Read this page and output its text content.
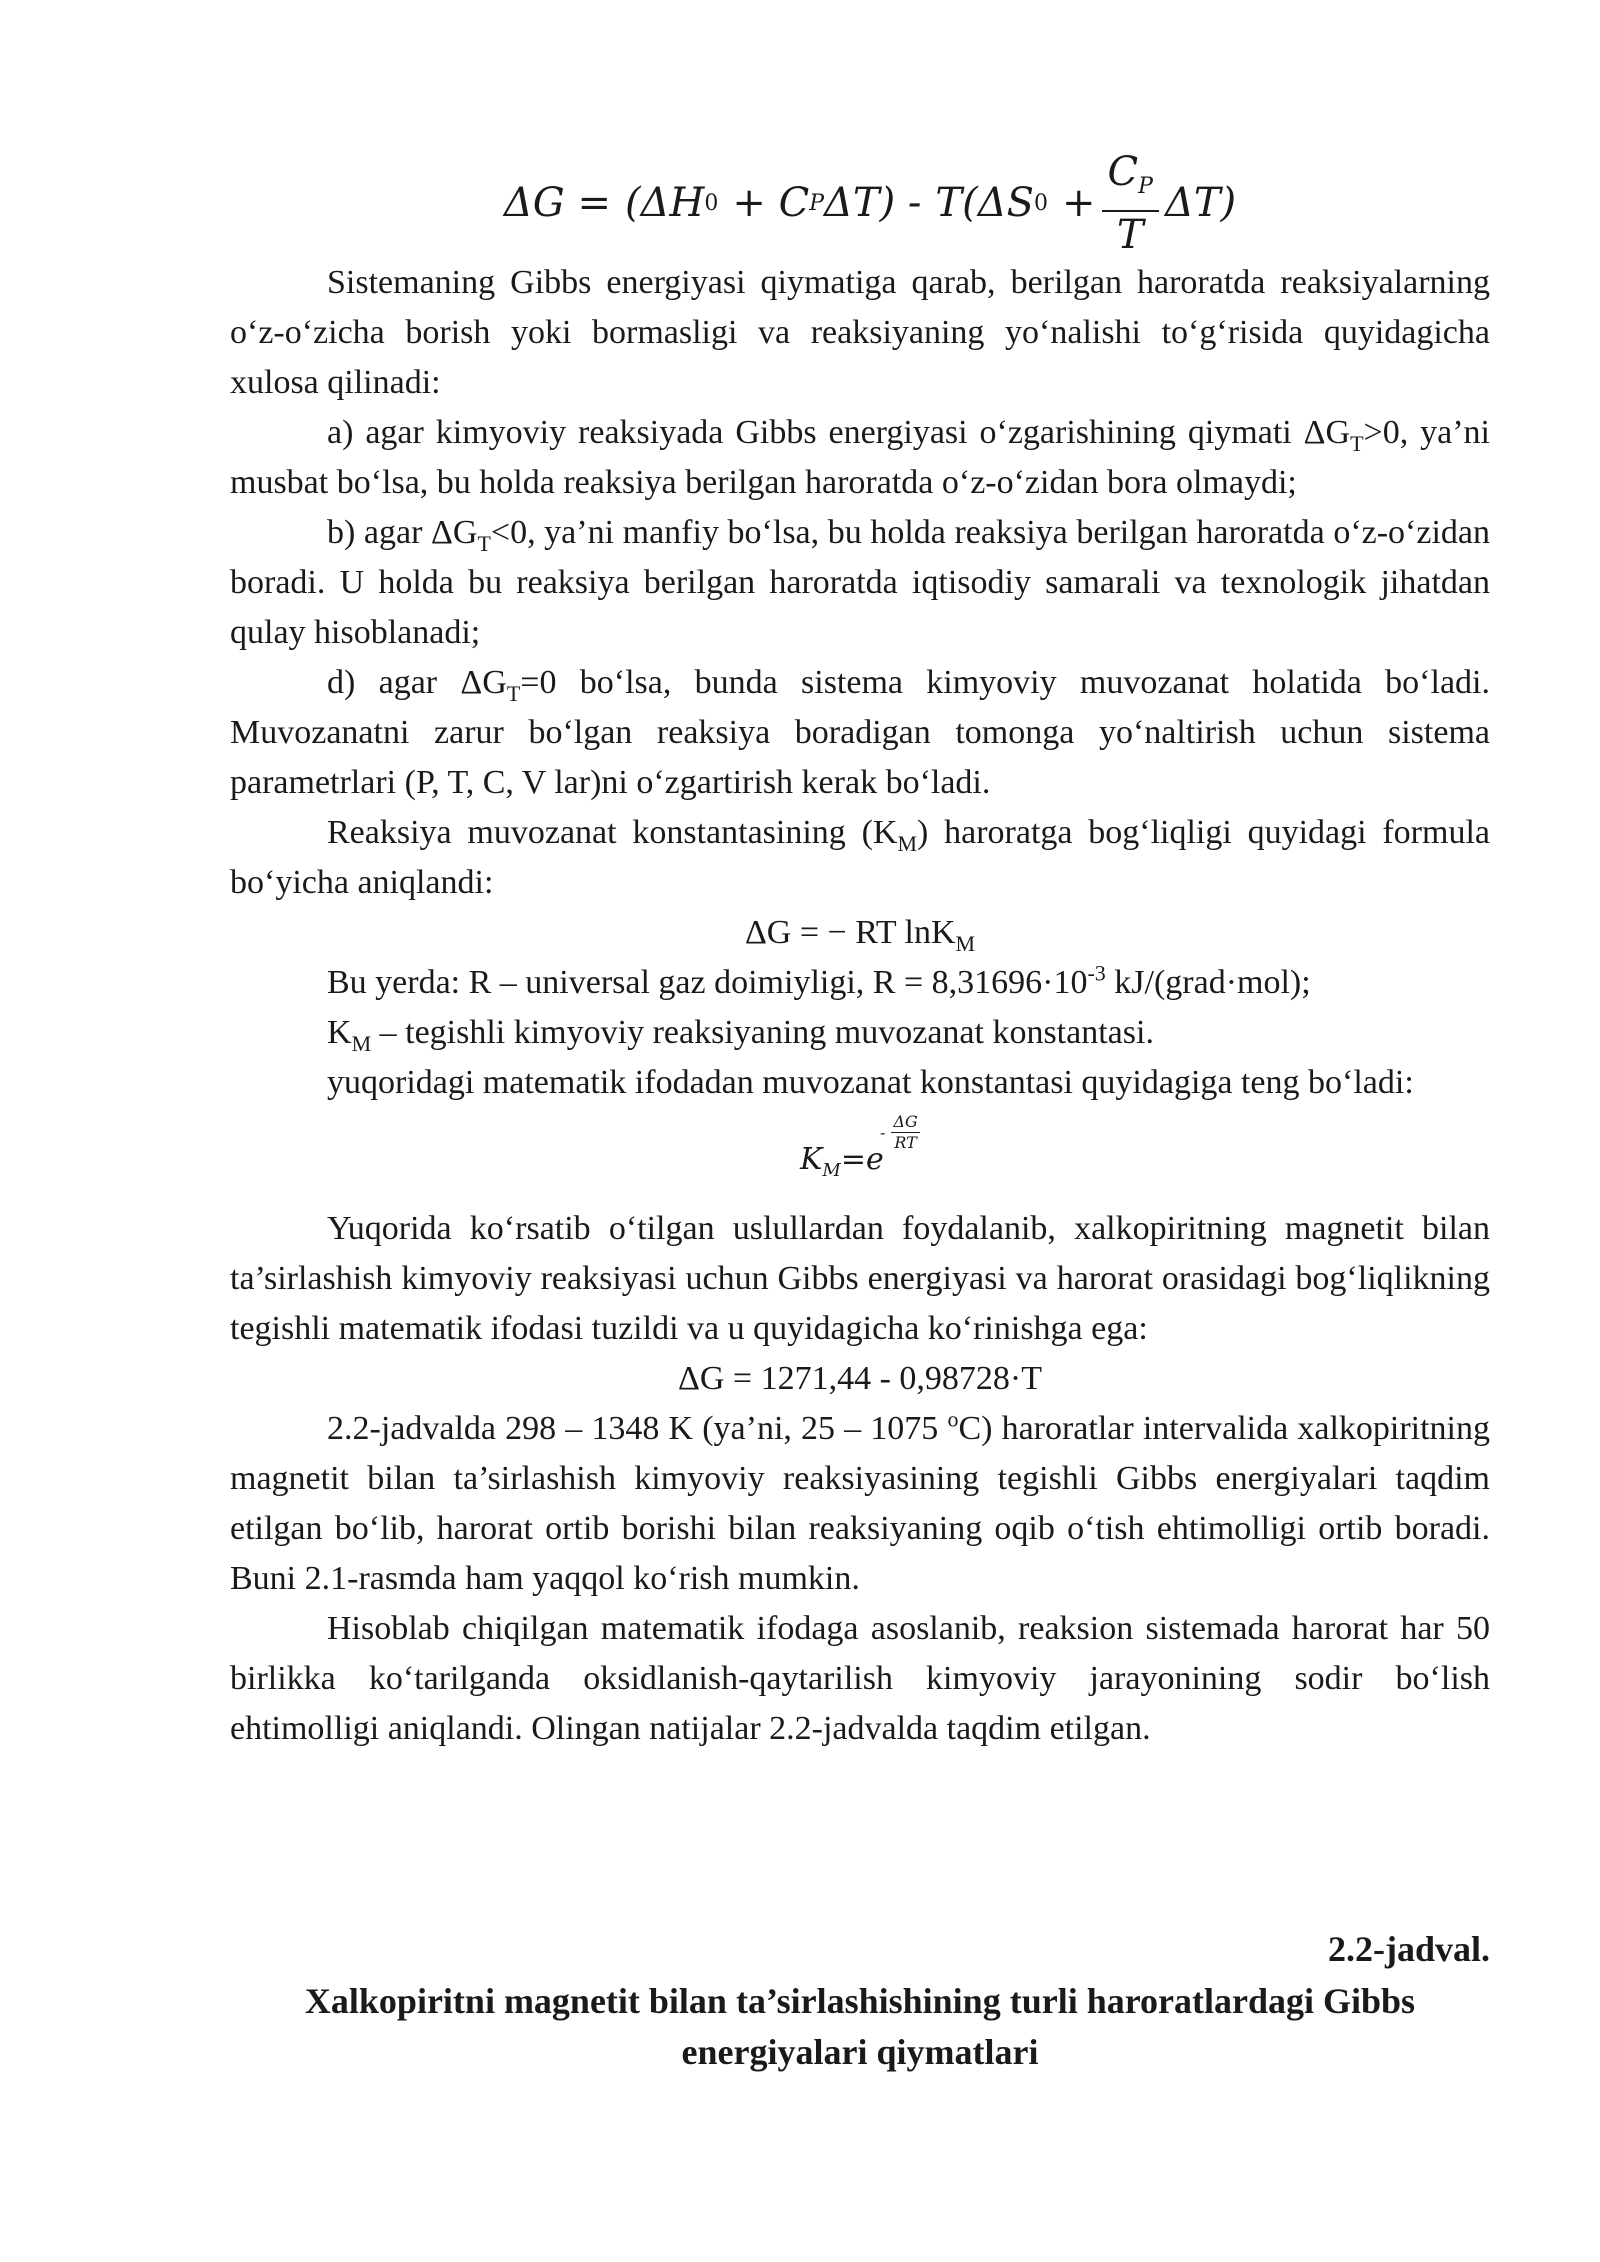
ΔG = (ΔH 0 + C P ΔT) - T (ΔS $0 + \frac{C_P}{T} \Delta T$)

Sistemaning Gibbs energiyasi qiymatiga qarab, berilgan haroratda reaksiyalarning o‘z-o‘zicha borish yoki bormasligi va reaksiyaning yo‘nalishi to‘g‘risida quyidagicha xulosa qilinadi:

a) agar kimyoviy reaksiyada Gibbs energiyasi o‘zgarishining qiymati $\Delta G_T>0$, ya’ni musbat bo‘lsa, bu holda reaksiya berilgan haroratda o‘z-o‘zidan bora olmaydi;

b) agar $\Delta G_T<0$, ya’ni manfiy bo‘lsa, bu holda reaksiya berilgan haroratda o‘z-o‘zidan boradi. U holda bu reaksiya berilgan haroratda iqtisodiy samarali va texnologik jihatdan qulay hisoblanadi;

d) agar $\Delta G_T=0$ bo‘lsa, bunda sistema kimyoviy muvozanat holatida bo‘ladi. Muvozanatni zarur bo‘lgan reaksiya boradigan tomonga yo‘naltirish uchun sistema parametrlari (P, T, C, V lar)ni o‘zgartirish kerak bo‘ladi.

Reaksiya muvozanat konstantasining $(K_M)$ haroratga bog‘liqligi quyidagi formula bo‘yicha aniqlandi:

ΔG = − RT lnK$_M$

Bu yerda: R – universal gaz doimiyligi, $R = 8,31696\cdot 10^{-3}$ kJ/(grad·mol);

$K_M$ – tegishli kimyoviy reaksiyaning muvozanat konstantasi.

yuqoridagi matematik ifodadan muvozanat konstantasi quyidagiga teng bo‘ladi:

$K_M=e$
- $\frac{\Delta G}{RT}$

Yuqorida ko‘rsatib o‘tilgan uslullardan foydalanib, xalkopiritning magnetit bilan ta’sirlashish kimyoviy reaksiyasi uchun Gibbs energiyasi va harorat orasidagi bog‘liqlikning tegishli matematik ifodasi tuzildi va u quyidagicha ko‘rinishga ega:

ΔG = 1271,44 - 0,98728·T

2.2-jadvalda 298 – 1348 K (ya’ni, 25 – 1075 $^o$C) haroratlar intervalida xalkopiritning magnetit bilan ta’sirlashish kimyoviy reaksiyasining tegishli Gibbs energiyalari taqdim etilgan bo‘lib, harorat ortib borishi bilan reaksiyaning oqib o‘tish ehtimolligi ortib boradi. Buni 2.1-rasmda ham yaqqol ko‘rish mumkin.

Hisoblab chiqilgan matematik ifodaga asoslanib, reaksion sistemada harorat har 50 birlikka ko‘tarilganda oksidlanish-qaytarilish kimyoviy jarayonining sodir bo‘lish ehtimolligi aniqlandi. Olingan natijalar 2.2-jadvalda taqdim etilgan.

2.2-jadval.
Xalkopiritni magnetit bilan ta’sirlashishining turli haroratlardagi Gibbs energiyalari qiymatlari
